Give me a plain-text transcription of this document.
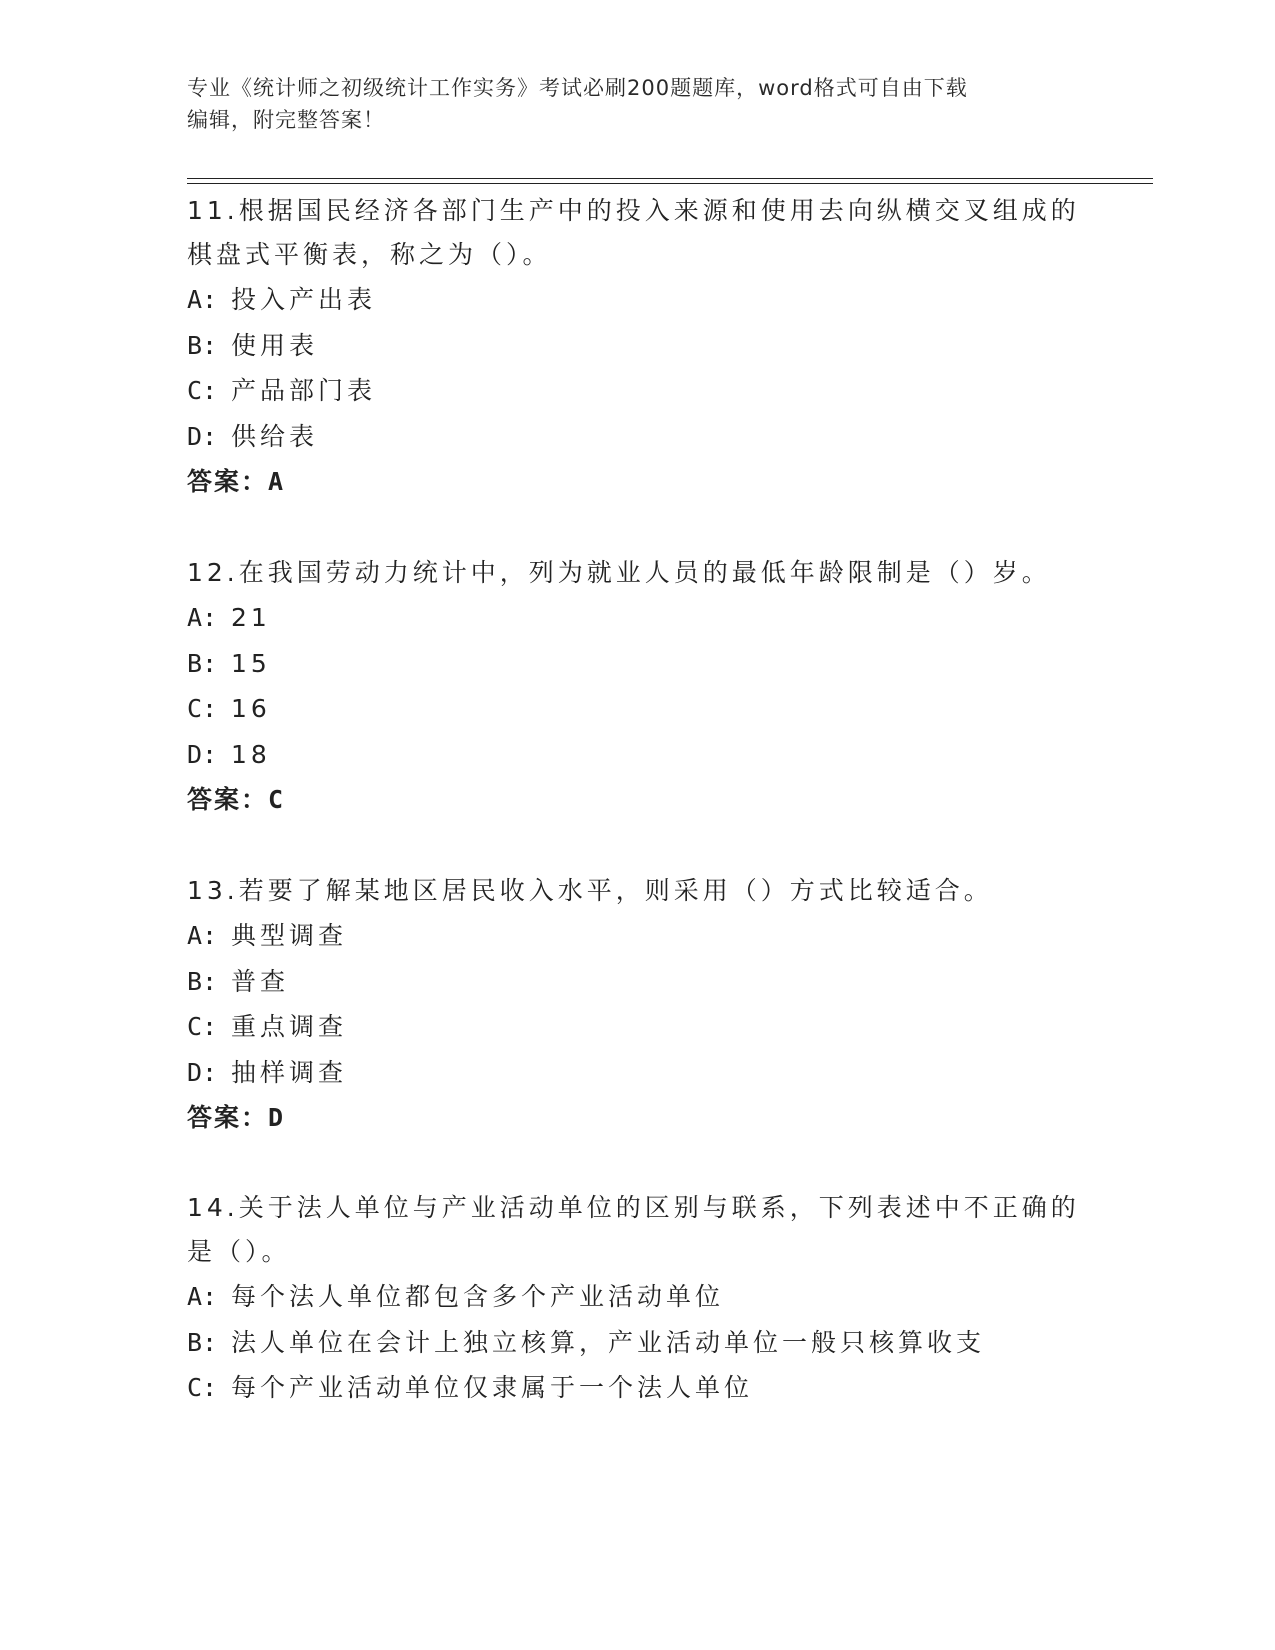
专业《统计师之初级统计工作实务》考试必刷200题题库，word格式可自由下载
编辑，附完整答案！

11.根据国民经济各部门生产中的投入来源和使用去向纵横交叉组成的
棋盘式平衡表，称之为（）。

A: 投入产出表

B: 使用表

C: 产品部门表

D: 供给表

答案：A

12.在我国劳动力统计中，列为就业人员的最低年龄限制是（）岁。

A: 21

B: 15

C: 16

D: 18

答案：C

13.若要了解某地区居民收入水平，则采用（）方式比较适合。

A: 典型调查

B: 普查

C: 重点调查

D: 抽样调查

答案：D

14.关于法人单位与产业活动单位的区别与联系，下列表述中不正确的
是（）。

A: 每个法人单位都包含多个产业活动单位

B: 法人单位在会计上独立核算，产业活动单位一般只核算收支

C: 每个产业活动单位仅隶属于一个法人单位
